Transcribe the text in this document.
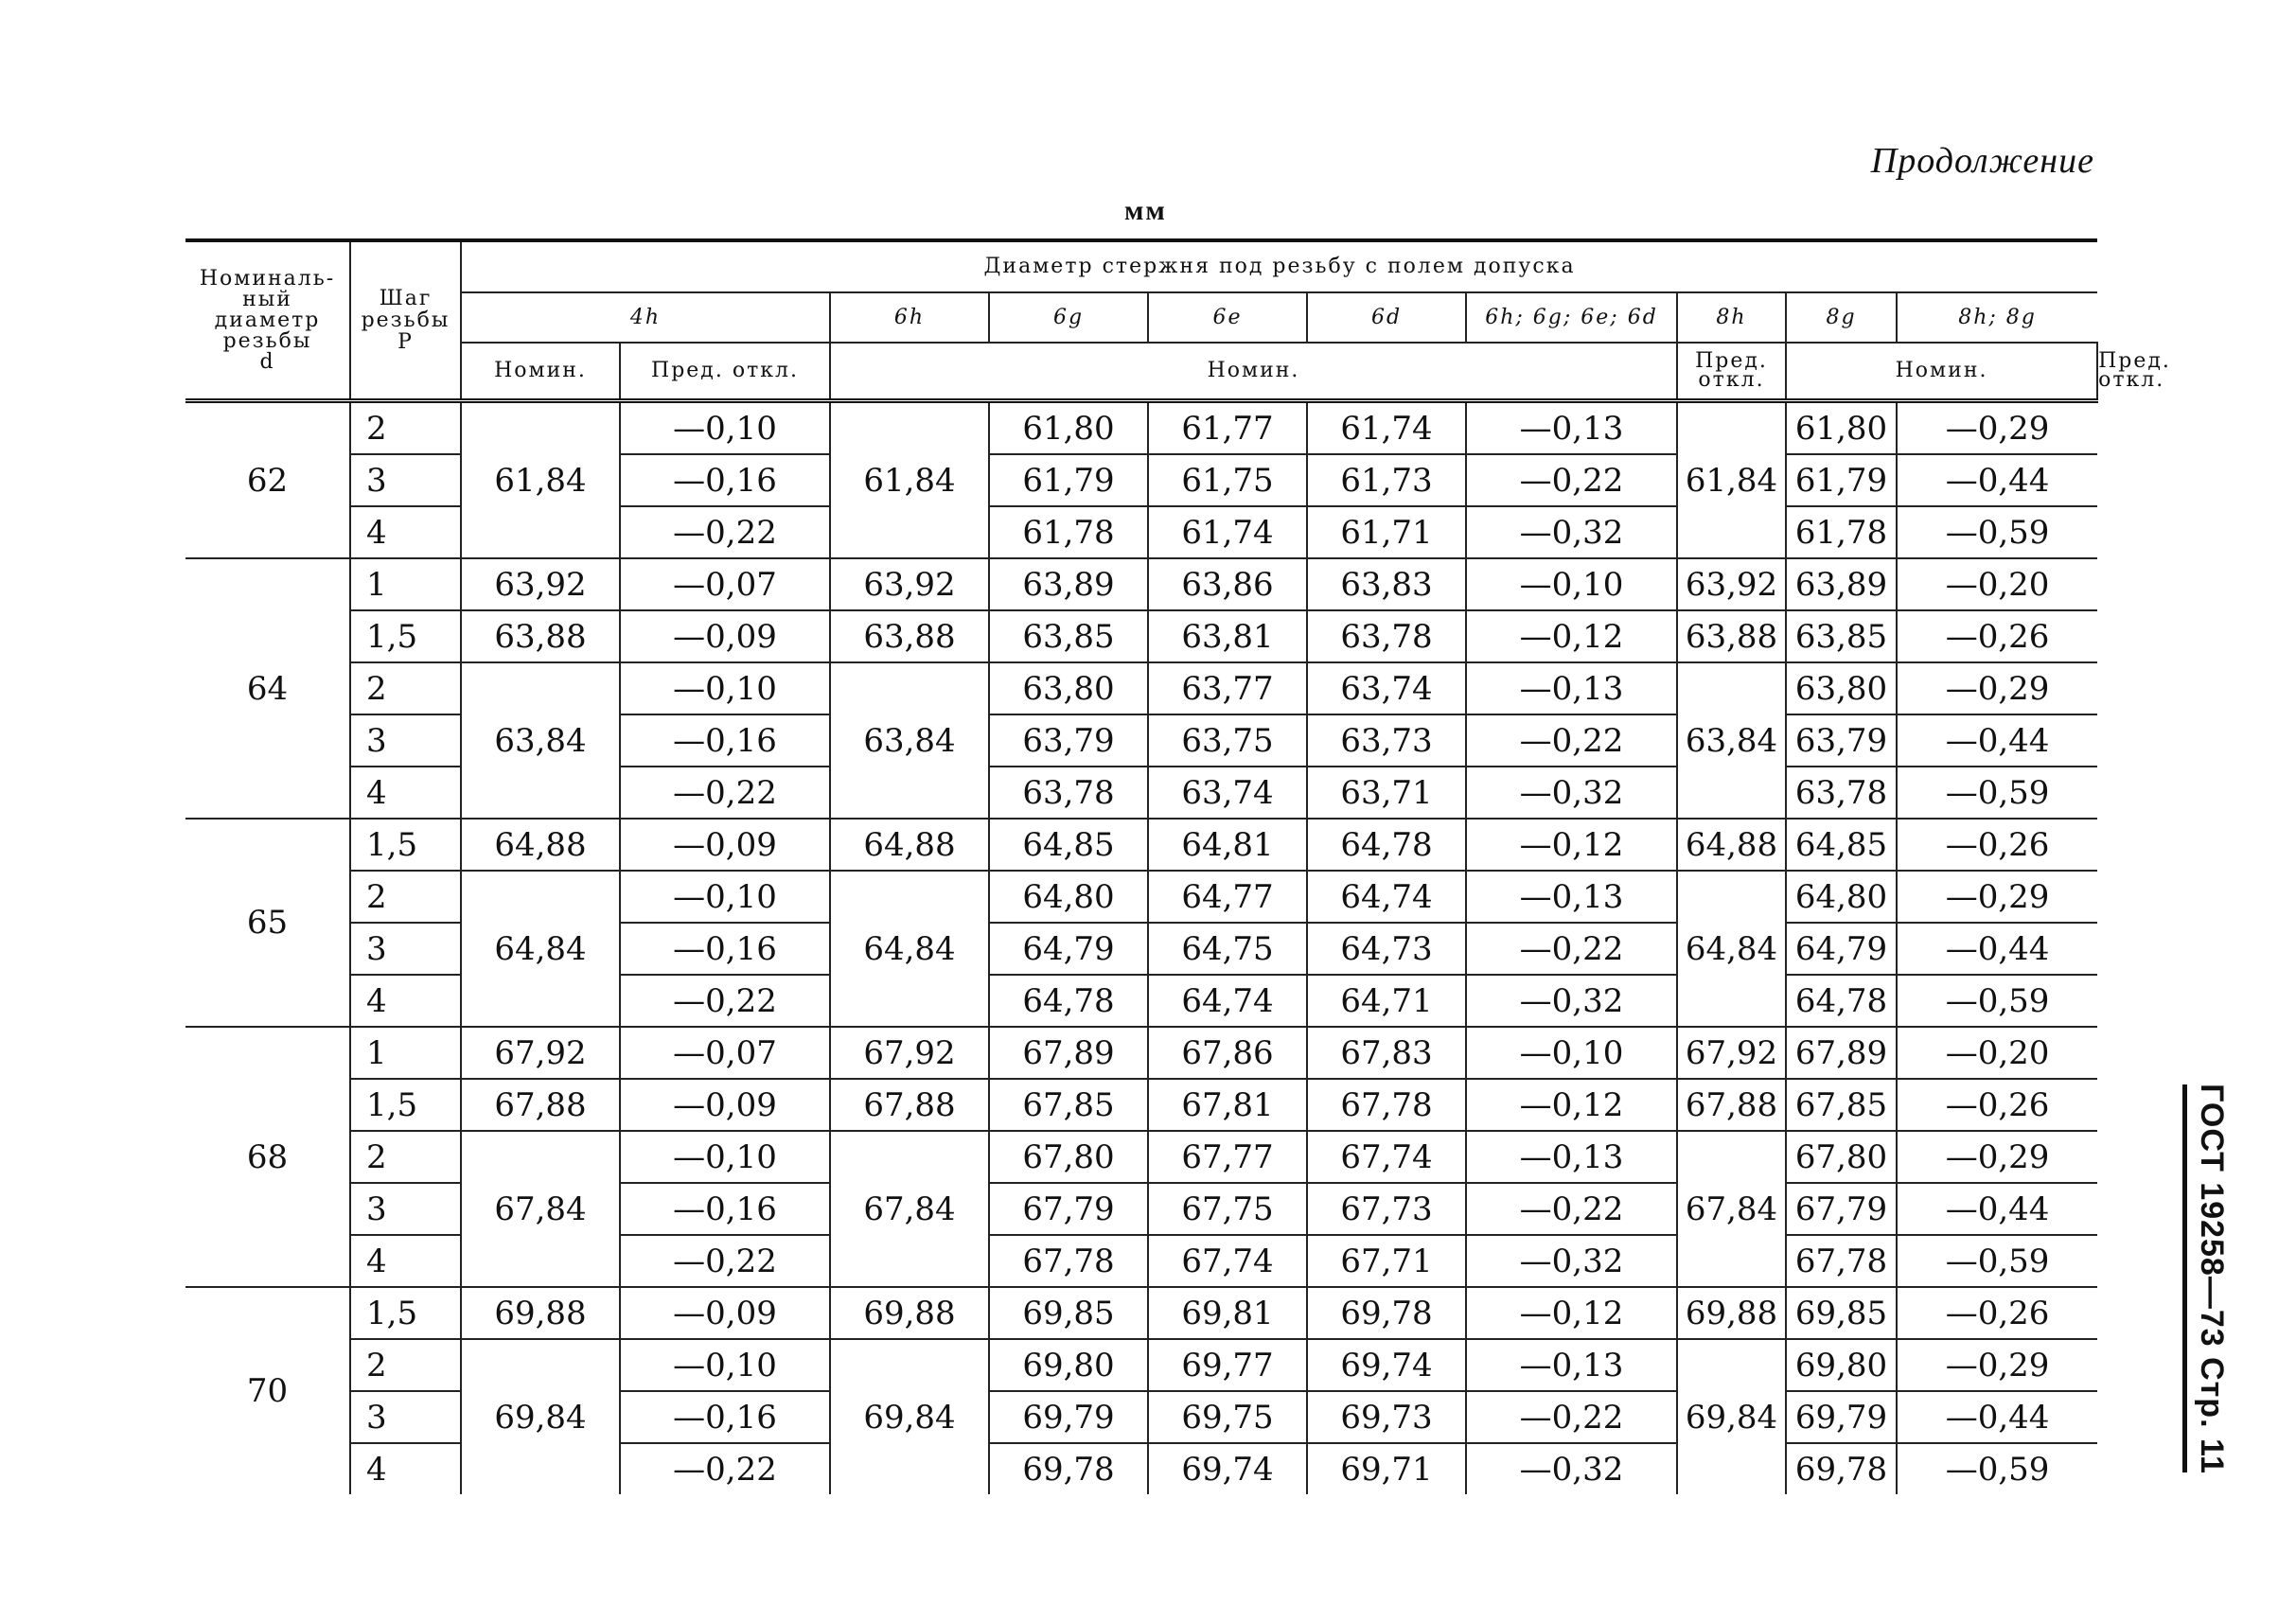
Продолжение
мм
ГОСТ 19258—73 Стр. 11
Номиналь-
ный
диаметр
резьбы
d	Шаг
резьбы
P	Диаметр стержня под резьбу с полем допуска										
		4h		6h	6g	6e	6d	6h; 6g; 6e; 6d	8h	8g	8h; 8g	
		Номин.	Пред. откл.	Номин.					Пред. откл.	Номин.		Пред. откл.
62	2	61,84	—0,10	61,84	61,80	61,77	61,74	—0,13	61,84	61,80	—0,29	
	3		—0,16		61,79	61,75	61,73	—0,22		61,79	—0,44	
	4		—0,22		61,78	61,74	61,71	—0,32		61,78	—0,59	
64	1	63,92	—0,07	63,92	63,89	63,86	63,83	—0,10	63,92	63,89	—0,20	
	1,5	63,88	—0,09	63,88	63,85	63,81	63,78	—0,12	63,88	63,85	—0,26	
	2	63,84	—0,10	63,84	63,80	63,77	63,74	—0,13	63,84	63,80	—0,29	
	3		—0,16		63,79	63,75	63,73	—0,22		63,79	—0,44	
	4		—0,22		63,78	63,74	63,71	—0,32		63,78	—0,59	
65	1,5	64,88	—0,09	64,88	64,85	64,81	64,78	—0,12	64,88	64,85	—0,26	
	2	64,84	—0,10	64,84	64,80	64,77	64,74	—0,13	64,84	64,80	—0,29	
	3		—0,16		64,79	64,75	64,73	—0,22		64,79	—0,44	
	4		—0,22		64,78	64,74	64,71	—0,32		64,78	—0,59	
68	1	67,92	—0,07	67,92	67,89	67,86	67,83	—0,10	67,92	67,89	—0,20	
	1,5	67,88	—0,09	67,88	67,85	67,81	67,78	—0,12	67,88	67,85	—0,26	
	2	67,84	—0,10	67,84	67,80	67,77	67,74	—0,13	67,84	67,80	—0,29	
	3		—0,16		67,79	67,75	67,73	—0,22		67,79	—0,44	
	4		—0,22		67,78	67,74	67,71	—0,32		67,78	—0,59	
70	1,5	69,88	—0,09	69,88	69,85	69,81	69,78	—0,12	69,88	69,85	—0,26	
	2	69,84	—0,10	69,84	69,80	69,77	69,74	—0,13	69,84	69,80	—0,29	
	3		—0,16		69,79	69,75	69,73	—0,22		69,79	—0,44	
	4		—0,22		69,78	69,74	69,71	—0,32		69,78	—0,59	
